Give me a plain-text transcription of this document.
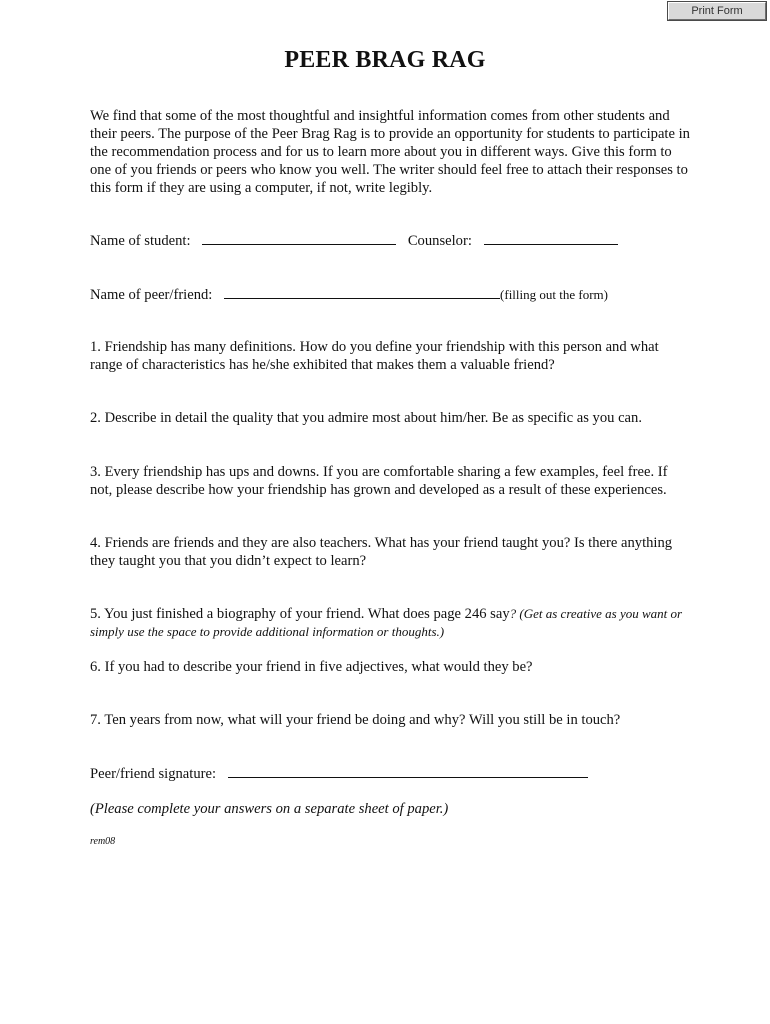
Print Form
PEER BRAG RAG
We find that some of the most thoughtful and insightful information comes from other students and their peers. The purpose of the Peer Brag Rag is to provide an opportunity for students to participate in the recommendation process and for us to learn more about you in different ways. Give this form to one of you friends or peers who know you well. The writer should feel free to attach their responses to this form if they are using a computer, if not, write legibly.
Name of student:	Counselor:
Name of peer/friend:	(filling out the form)
1. Friendship has many definitions. How do you define your friendship with this person and what range of characteristics has he/she exhibited that makes them a valuable friend?
2. Describe in detail the quality that you admire most about him/her. Be as specific as you can.
3. Every friendship has ups and downs. If you are comfortable sharing a few examples, feel free. If not, please describe how your friendship has grown and developed as a result of these experiences.
4. Friends are friends and they are also teachers. What has your friend taught you? Is there anything they taught you that you didn’t expect to learn?
5. You just finished a biography of your friend. What does page 246 say? (Get as creative as you want or simply use the space to provide additional information or thoughts.)
6. If you had to describe your friend in five adjectives, what would they be?
7. Ten years from now, what will your friend be doing and why? Will you still be in touch?
Peer/friend signature:
(Please complete your answers on a separate sheet of paper.)
rem08
